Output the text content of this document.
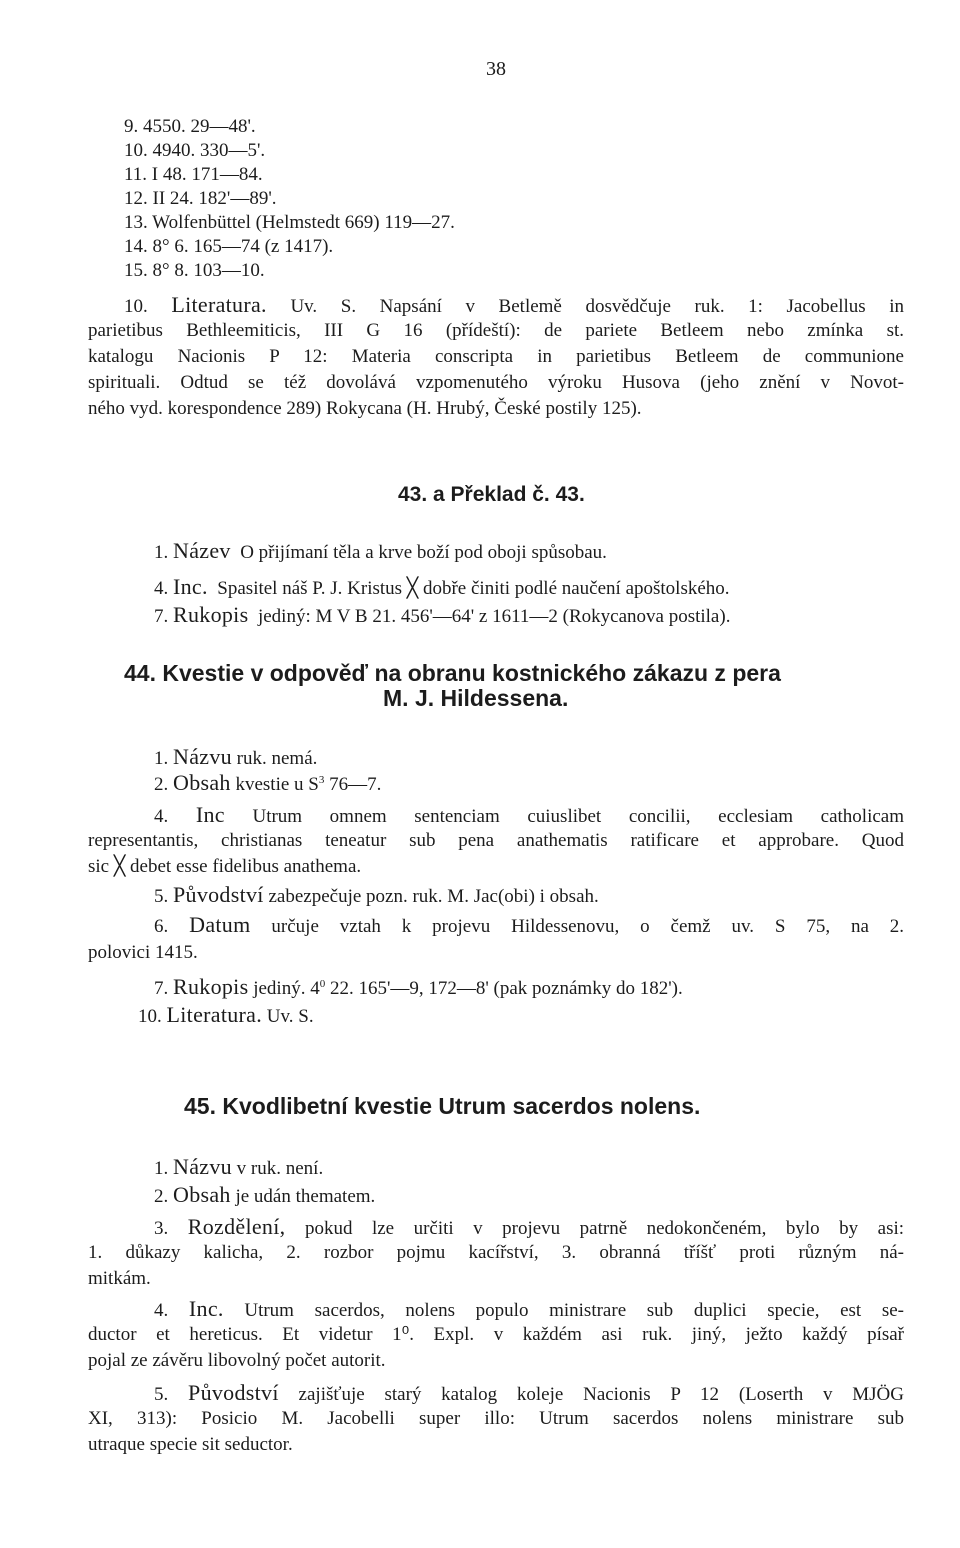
38
9. 4550. 29—48'.
10. 4940. 330—5'.
11. I 48. 171—84.
12. II 24. 182'—89'.
13. Wolfenbüttel (Helmstedt 669) 119—27.
14. 8° 6. 165—74 (z 1417).
15. 8° 8. 103—10.
10. Literatura. Uv. S. Napsání v Betlemě dosvědčuje ruk. 1: Jacobellus in
parietibus Bethleemiticis, III G 16 (přídeští): de pariete Betleem nebo zmínka st.
katalogu Nacionis P 12: Materia conscripta in parietibus Betleem de communione
spirituali. Odtud se též dovolává vzpomenutého výroku Husova (jeho znění v Novot-
ného vyd. korespondence 289) Rokycana (H. Hrubý, České postily 125).
43. a Překlad č. 43.
1. Název O přijímaní těla a krve boží pod oboji spůsobau.
4. Inc. Spasitel náš P. J. Kristus ╳ dobře činiti podlé naučení apoštolského.
7. Rukopis jediný: M V B 21. 456'—64' z 1611—2 (Rokycanova postila).
44. Kvestie v odpověď na obranu kostnického zákazu z pera
M. J. Hildessena.
1. Názvu ruk. nemá.
2. Obsah kvestie u $S^3$ 76—7.
4. Inc Utrum omnem sentenciam cuiuslibet concilii, ecclesiam catholicam
representantis, christianas teneatur sub pena anathematis ratificare et approbare. Quod
sic ╳ debet esse fidelibus anathema.
5. Původství zabezpečuje pozn. ruk. M. Jac(obi) i obsah.
6. Datum určuje vztah k projevu Hildessenovu, o čemž uv. S 75, na 2.
polovici 1415.
7. Rukopis jediný. $4^0$ 22. 165'—9, 172—8' (pak poznámky do 182').
10. Literatura. Uv. S.
45. Kvodlibetní kvestie Utrum sacerdos nolens.
1. Názvu v ruk. není.
2. Obsah je udán thematem.
3. Rozdělení, pokud lze určiti v projevu patrně nedokončeném, bylo by asi:
1. důkazy kalicha, 2. rozbor pojmu kacířství, 3. obranná tříšť proti různým ná-
mitkám.
4. Inc. Utrum sacerdos, nolens populo ministrare sub duplici specie, est se-
ductor et hereticus. Et videtur 1⁰. Expl. v každém asi ruk. jiný, ježto každý písař
pojal ze závěru libovolný počet autorit.
5. Původství zajišťuje starý katalog koleje Nacionis P 12 (Loserth v MJÖG
XI, 313): Posicio M. Jacobelli super illo: Utrum sacerdos nolens ministrare sub
utraque specie sit seductor.
